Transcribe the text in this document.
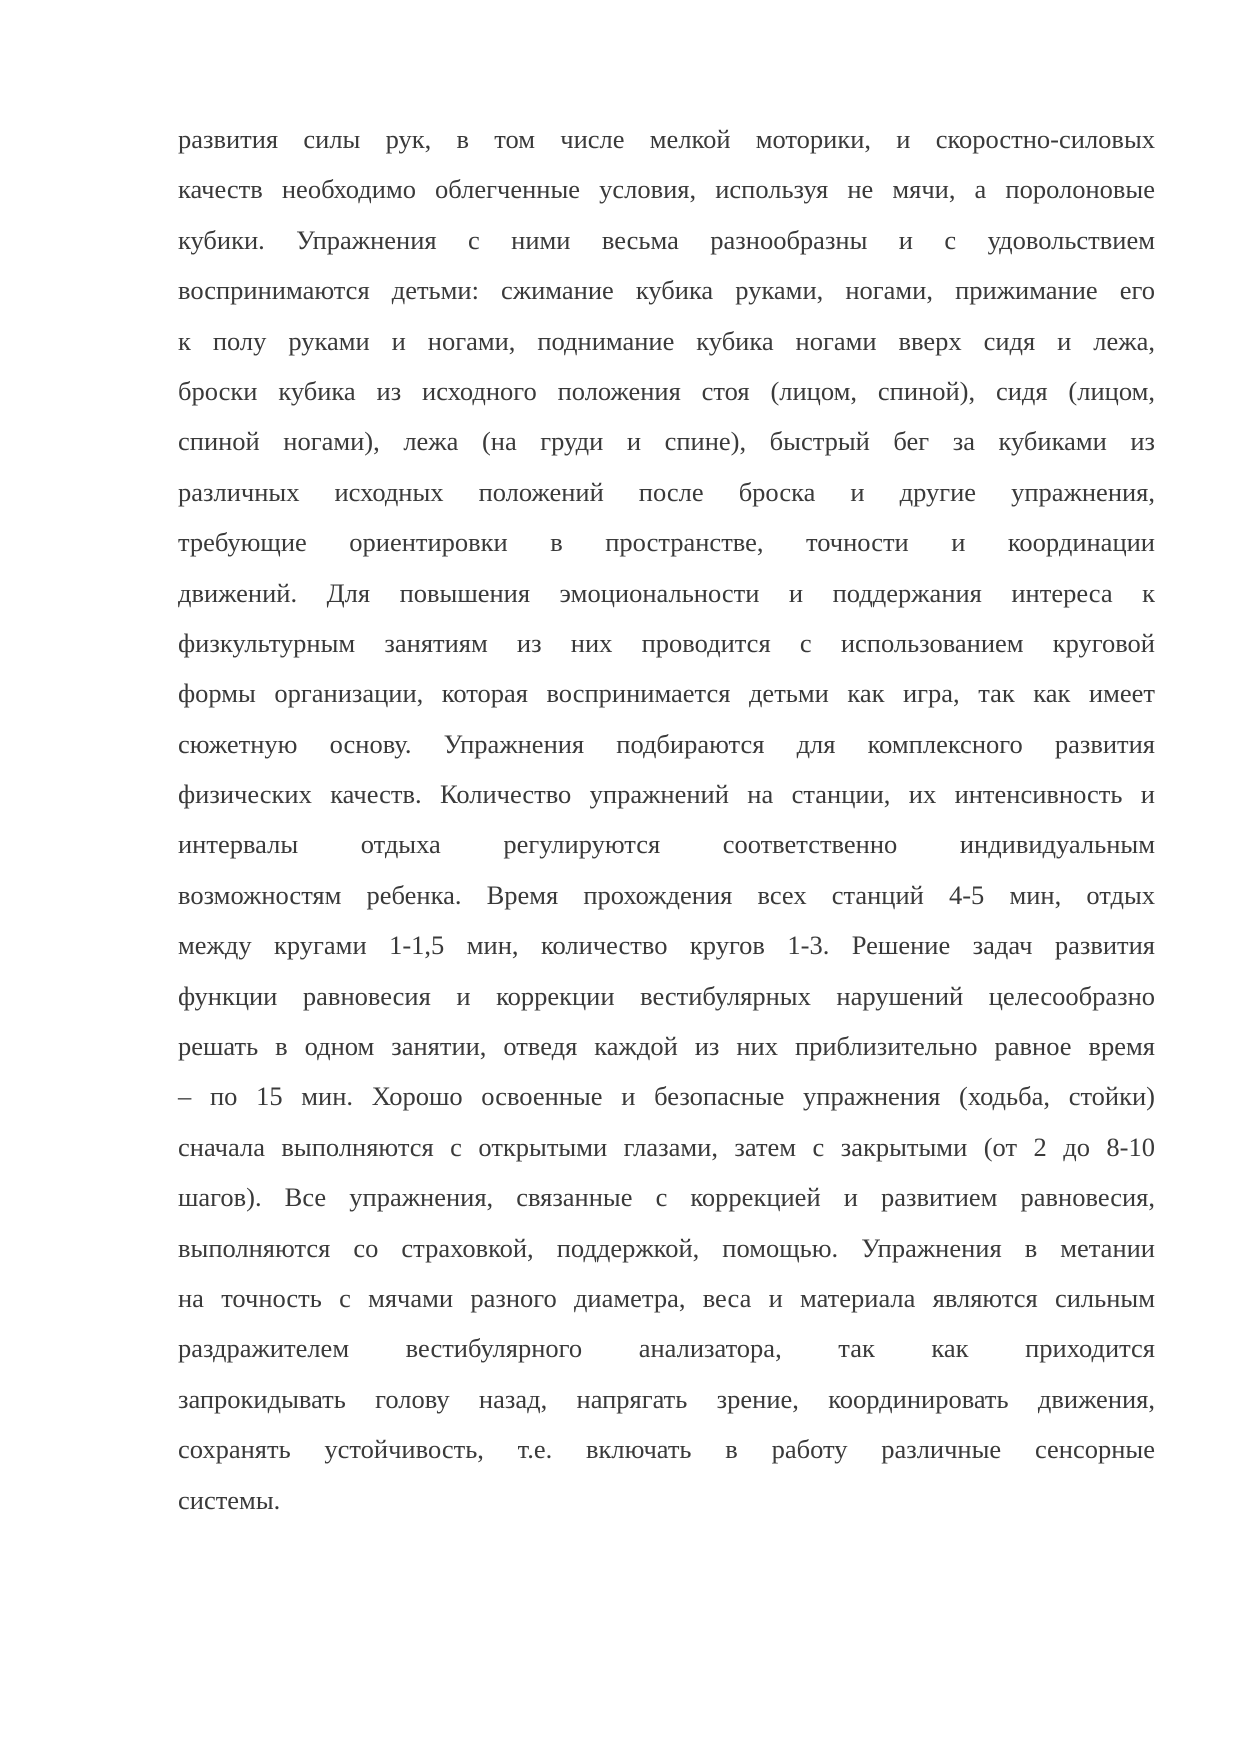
развития силы рук, в том числе мелкой моторики, и скоростно-силовых
качеств необходимо облегченные условия, используя не мячи, а поролоновые
кубики. Упражнения с ними весьма разнообразны и с удовольствием
воспринимаются детьми: сжимание кубика руками, ногами, прижимание его
к полу руками и ногами, поднимание кубика ногами вверх сидя и лежа,
броски кубика из исходного положения стоя (лицом, спиной), сидя (лицом,
спиной ногами), лежа (на груди и спине), быстрый бег за кубиками из
различных исходных положений после броска и другие упражнения,
требующие ориентировки в пространстве, точности и координации
движений. Для повышения эмоциональности и поддержания интереса к
физкультурным занятиям из них проводится с использованием круговой
формы организации, которая воспринимается детьми как игра, так как имеет
сюжетную основу. Упражнения подбираются для комплексного развития
физических качеств. Количество упражнений на станции, их интенсивность и
интервалы отдыха регулируются соответственно индивидуальным
возможностям ребенка. Время прохождения всех станций 4-5 мин, отдых
между кругами 1-1,5 мин, количество кругов 1-3. Решение задач развития
функции равновесия и коррекции вестибулярных нарушений целесообразно
решать в одном занятии, отведя каждой из них приблизительно равное время
– по 15 мин. Хорошо освоенные и безопасные упражнения (ходьба, стойки)
сначала выполняются с открытыми глазами, затем с закрытыми (от 2 до 8-10
шагов). Все упражнения, связанные с коррекцией и развитием равновесия,
выполняются со страховкой, поддержкой, помощью. Упражнения в метании
на точность с мячами разного диаметра, веса и материала являются сильным
раздражителем вестибулярного анализатора, так как приходится
запрокидывать голову назад, напрягать зрение, координировать движения,
сохранять устойчивость, т.е. включать в работу различные сенсорные
системы.
